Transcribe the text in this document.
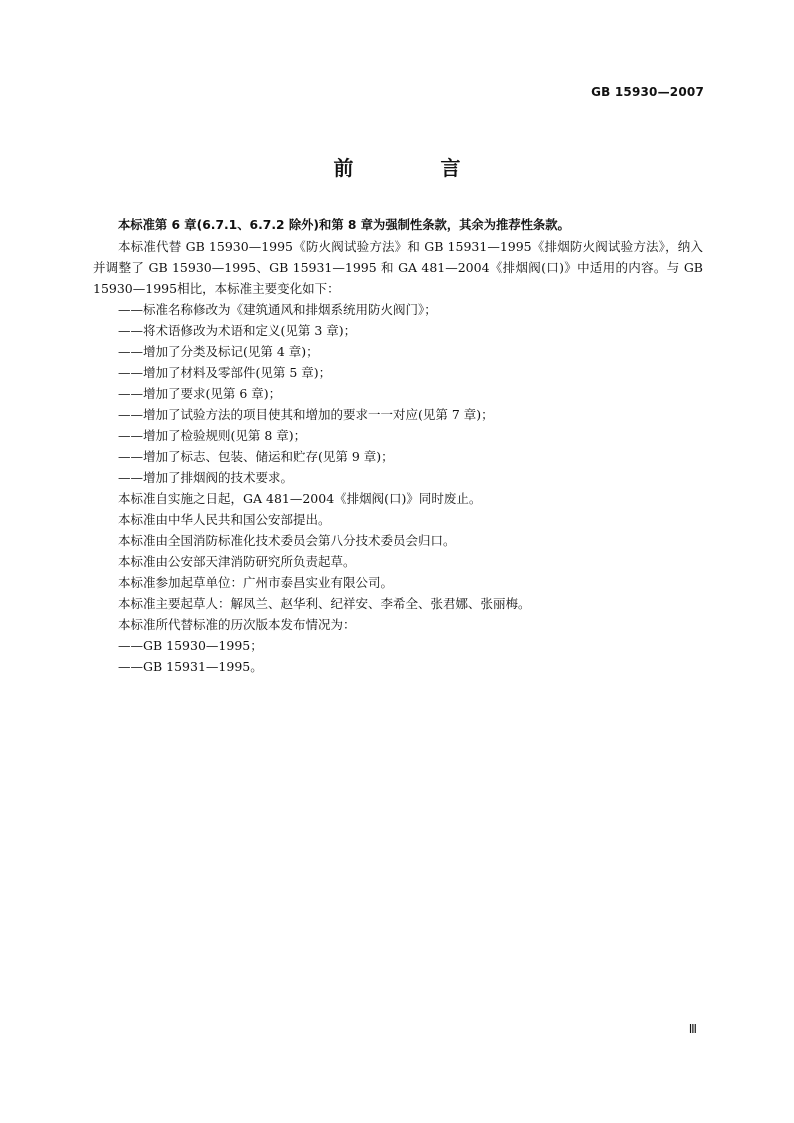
GB 15930—2007
前 言

本标准第 6 章(6.7.1、6.7.2 除外)和第 8 章为强制性条款，其余为推荐性条款。

本标准代替 GB 15930—1995《防火阀试验方法》和 GB 15931—1995《排烟防火阀试验方法》，纳入并调整了 GB 15930—1995、GB 15931—1995 和 GA 481—2004《排烟阀(口)》中适用的内容。与 GB 15930—1995相比，本标准主要变化如下：

——标准名称修改为《建筑通风和排烟系统用防火阀门》；

——将术语修改为术语和定义(见第 3 章)；

——增加了分类及标记(见第 4 章)；

——增加了材料及零部件(见第 5 章)；

——增加了要求(见第 6 章)；

——增加了试验方法的项目使其和增加的要求一一对应(见第 7 章)；

——增加了检验规则(见第 8 章)；

——增加了标志、包装、储运和贮存(见第 9 章)；

——增加了排烟阀的技术要求。

本标准自实施之日起，GA 481—2004《排烟阀(口)》同时废止。

本标准由中华人民共和国公安部提出。

本标准由全国消防标准化技术委员会第八分技术委员会归口。

本标准由公安部天津消防研究所负责起草。

本标准参加起草单位：广州市泰昌实业有限公司。

本标准主要起草人：解凤兰、赵华利、纪祥安、李希全、张君娜、张丽梅。

本标准所代替标准的历次版本发布情况为：

——GB 15930—1995；

——GB 15931—1995。

Ⅲ
